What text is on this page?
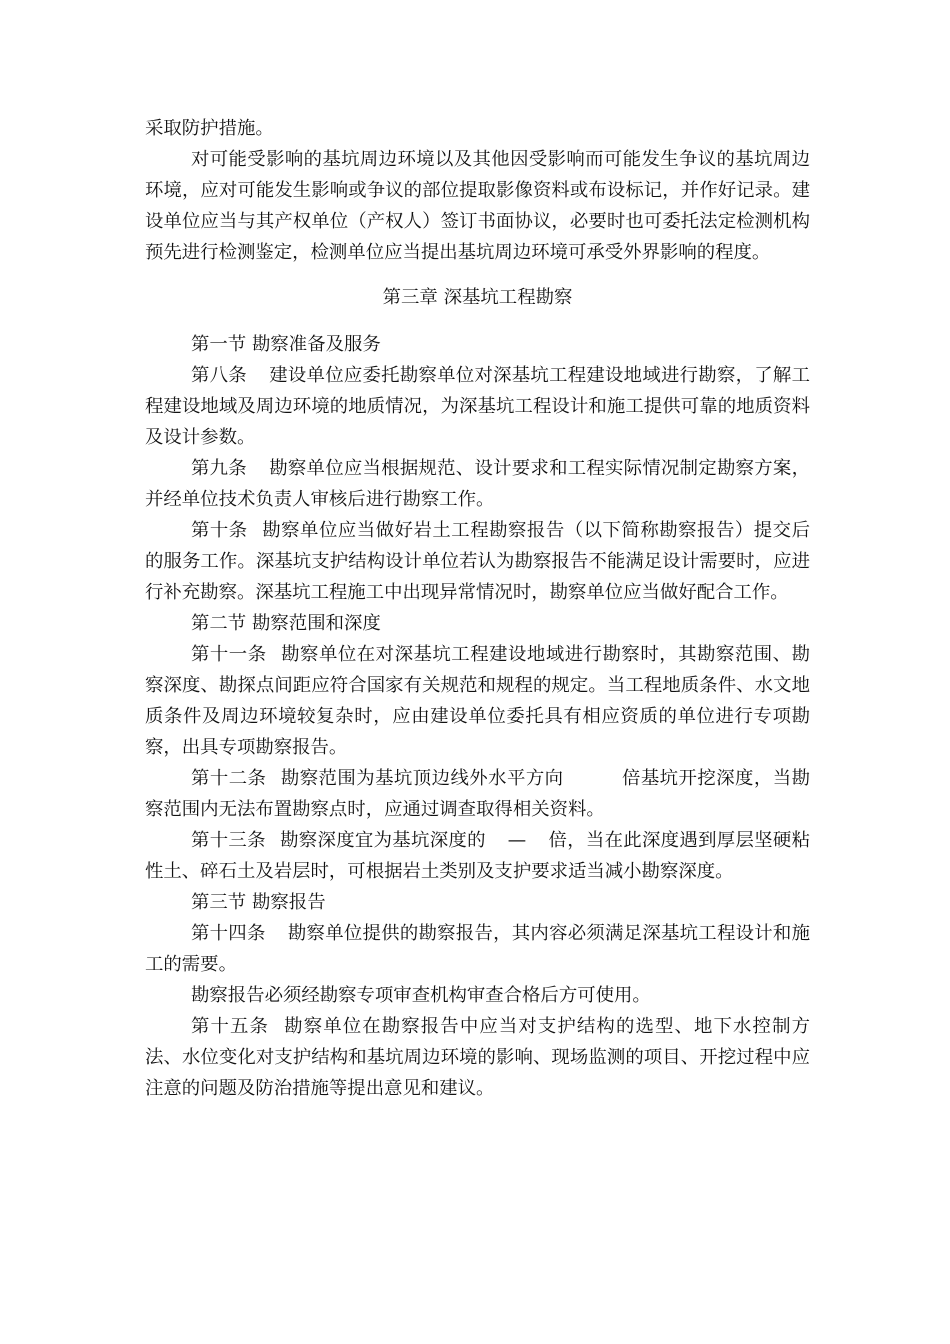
采取防护措施。

对可能受影响的基坑周边环境以及其他因受影响而可能发生争议的基坑周边环境，应对可能发生影响或争议的部位提取影像资料或布设标记，并作好记录。建设单位应当与其产权单位（产权人）签订书面协议，必要时也可委托法定检测机构预先进行检测鉴定，检测单位应当提出基坑周边环境可承受外界影响的程度。

第三章 深基坑工程勘察

第一节 勘察准备及服务

第八条 建设单位应委托勘察单位对深基坑工程建设地域进行勘察，了解工程建设地域及周边环境的地质情况，为深基坑工程设计和施工提供可靠的地质资料及设计参数。

第九条 勘察单位应当根据规范、设计要求和工程实际情况制定勘察方案，并经单位技术负责人审核后进行勘察工作。

第十条 勘察单位应当做好岩土工程勘察报告（以下简称勘察报告）提交后的服务工作。深基坑支护结构设计单位若认为勘察报告不能满足设计需要时，应进行补充勘察。深基坑工程施工中出现异常情况时，勘察单位应当做好配合工作。

第二节 勘察范围和深度

第十一条 勘察单位在对深基坑工程建设地域进行勘察时，其勘察范围、勘察深度、勘探点间距应符合国家有关规范和规程的规定。当工程地质条件、水文地质条件及周边环境较复杂时，应由建设单位委托具有相应资质的单位进行专项勘察，出具专项勘察报告。

第十二条 勘察范围为基坑顶边线外水平方向	倍基坑开挖深度，当勘察范围内无法布置勘察点时，应通过调查取得相关资料。

第十三条 勘察深度宜为基坑深度的 — 倍，当在此深度遇到厚层坚硬粘性土、碎石土及岩层时，可根据岩土类别及支护要求适当减小勘察深度。

第三节 勘察报告

第十四条 勘察单位提供的勘察报告，其内容必须满足深基坑工程设计和施工的需要。

勘察报告必须经勘察专项审查机构审查合格后方可使用。

第十五条 勘察单位在勘察报告中应当对支护结构的选型、地下水控制方法、水位变化对支护结构和基坑周边环境的影响、现场监测的项目、开挖过程中应注意的问题及防治措施等提出意见和建议。
